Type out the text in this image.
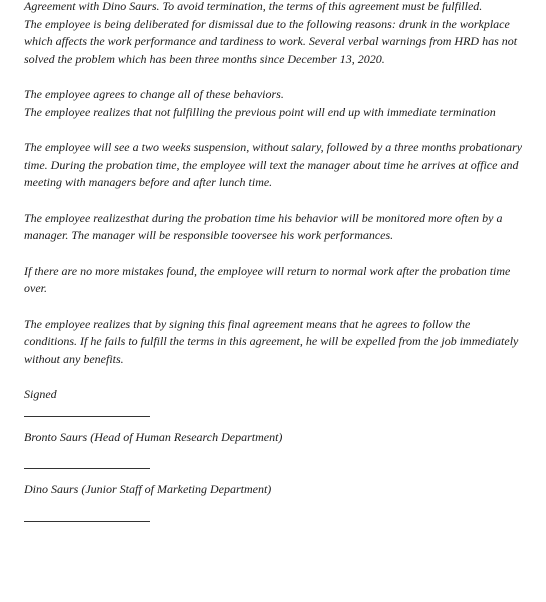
Agreement with Dino Saurs. To avoid termination, the terms of this agreement must be fulfilled.

The employee is being deliberated for dismissal due to the following reasons: drunk in the workplace which affects the work performance and tardiness to work. Several verbal warnings from HRD has not solved the problem which has been three months since December 13, 2020.

The employee agrees to change all of these behaviors.

The employee realizes that not fulfilling the previous point will end up with immediate termination

The employee will see a two weeks suspension, without salary, followed by a three months probationary time. During the probation time, the employee will text the manager about time he arrives at office and meeting with managers before and after lunch time.

The employee realizesthat during the probation time his behavior will be monitored more often by a manager. The manager will be responsible tooversee his work performances.

If there are no more mistakes found, the employee will return to normal work after the probation time over.

The employee realizes that by signing this final agreement means that he agrees to follow the conditions. If he fails to fulfill the terms in this agreement, he will be expelled from the job immediately without any benefits.

Signed

Bronto Saurs (Head of Human Research Department)

Dino Saurs (Junior Staff of Marketing Department)
